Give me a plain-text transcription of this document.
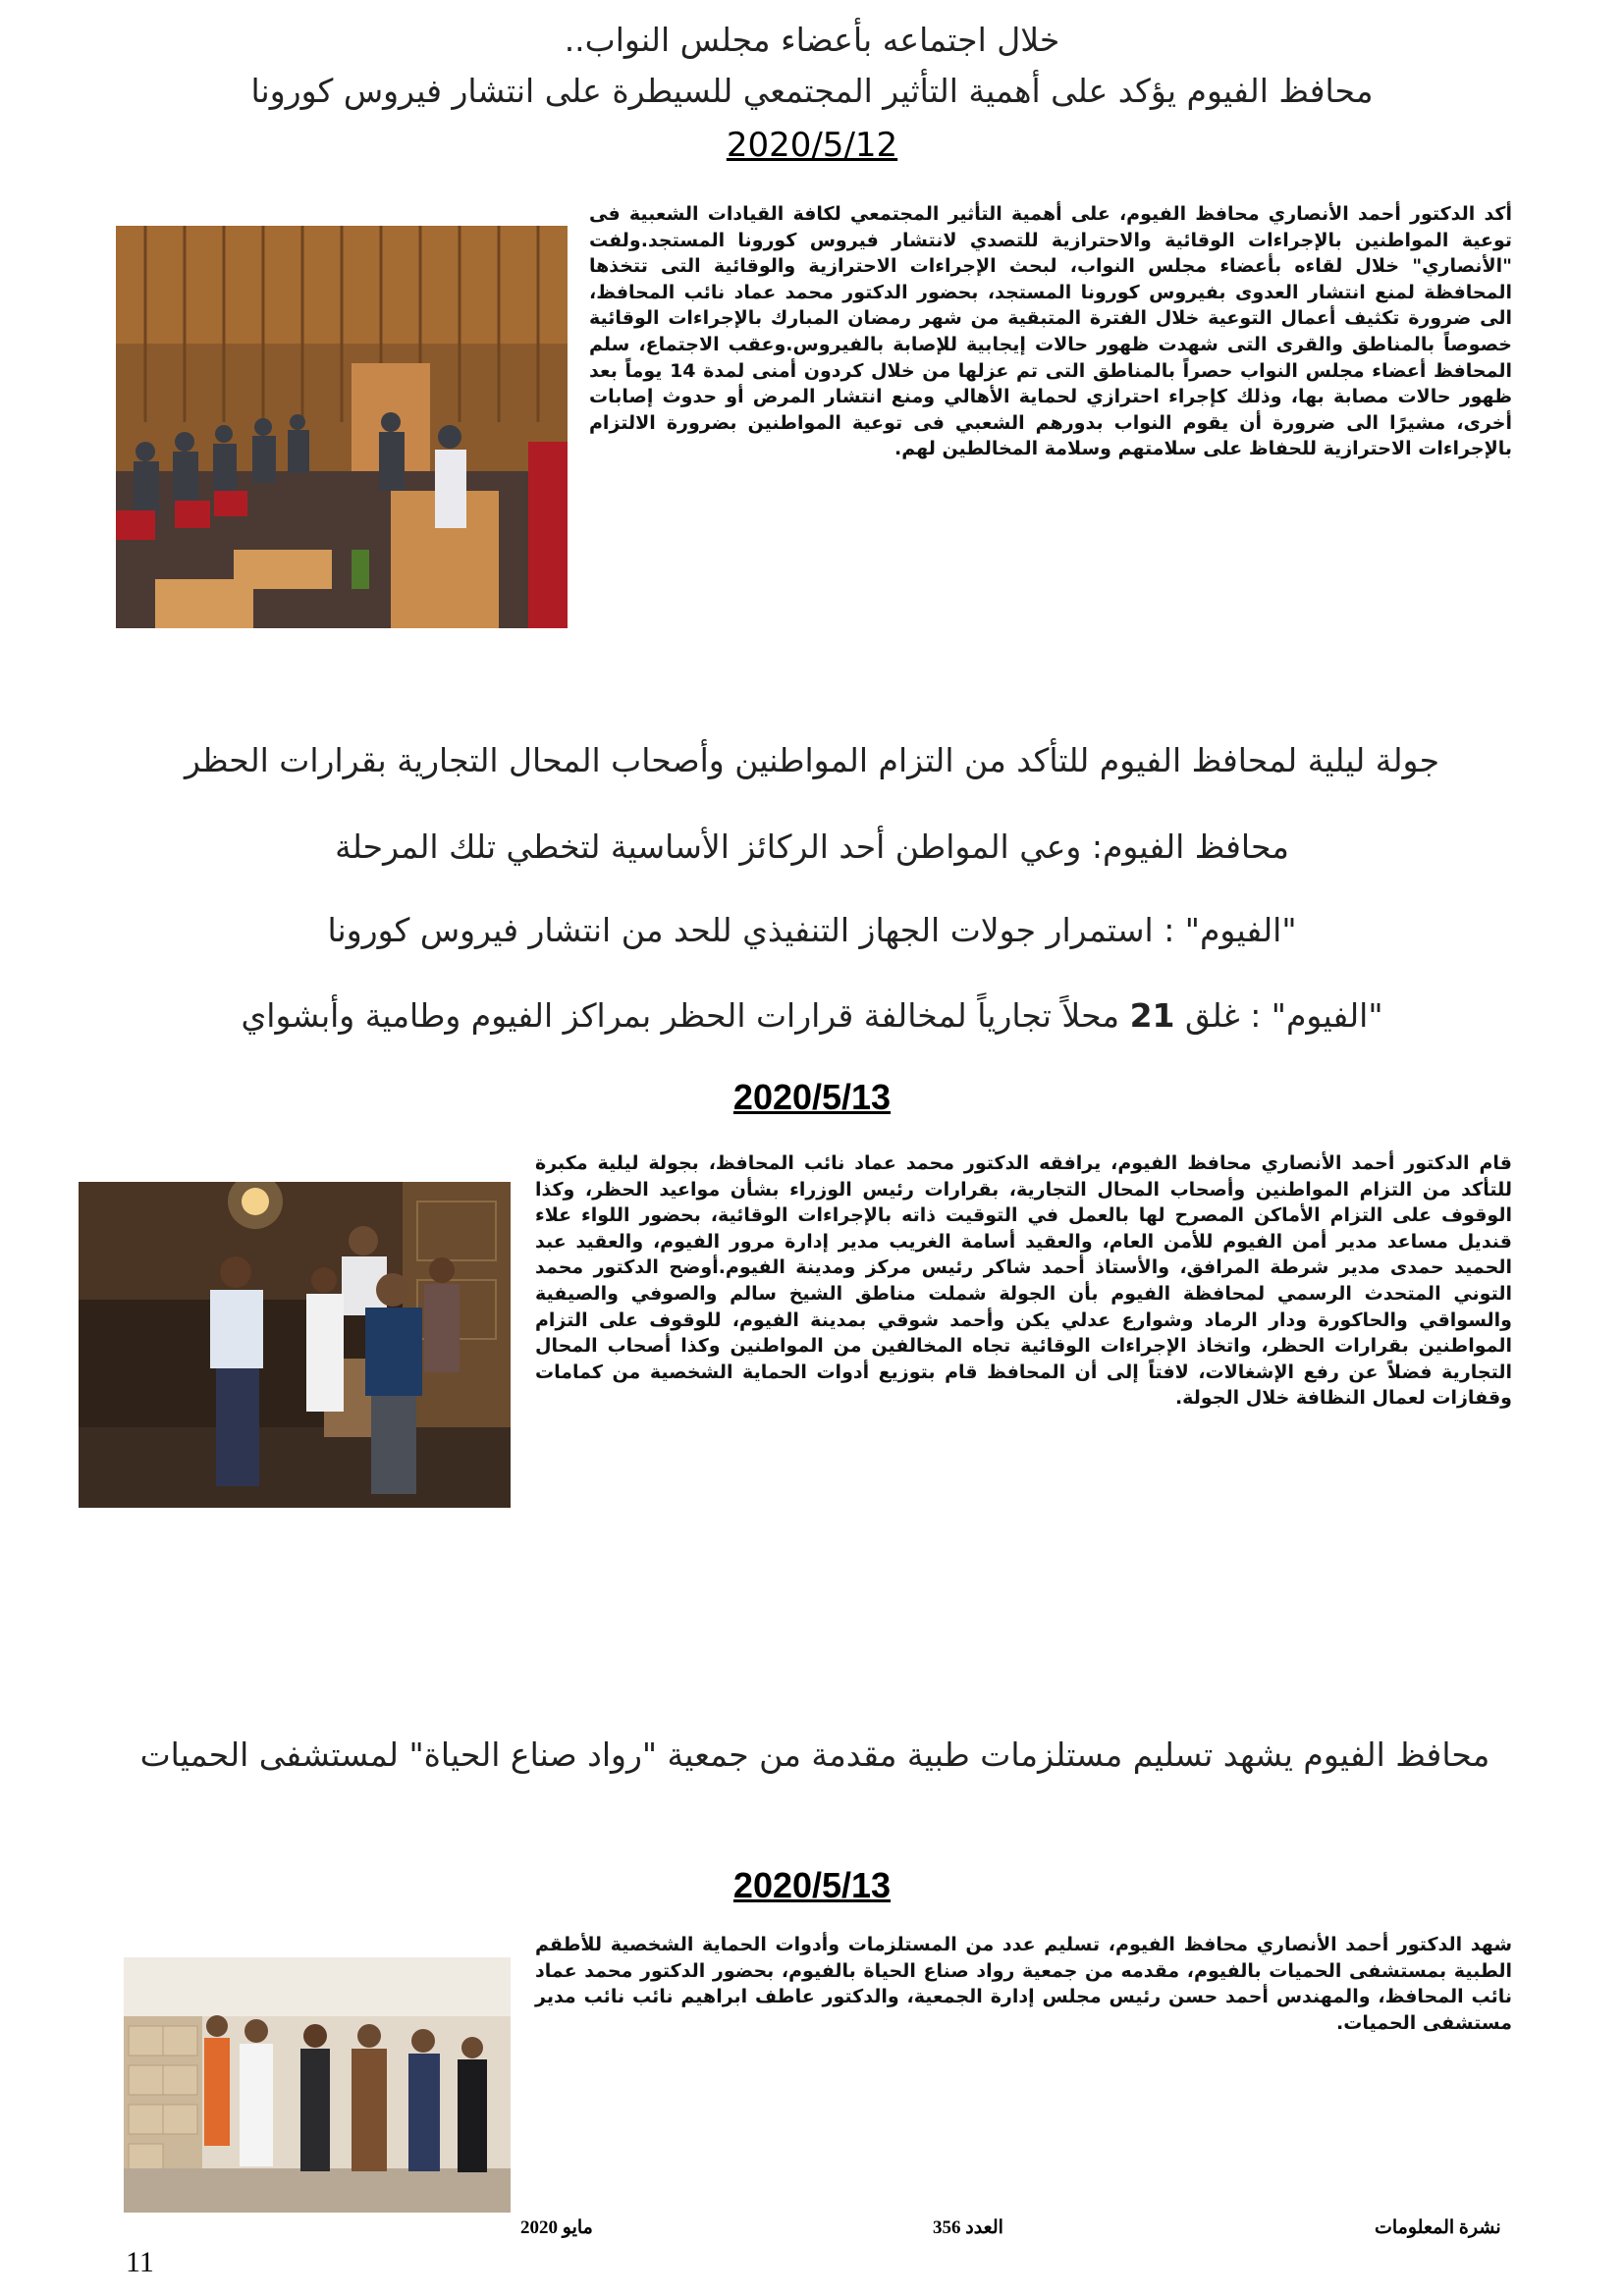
خلال اجتماعه بأعضاء مجلس النواب..
محافظ الفيوم يؤكد على أهمية التأثير المجتمعي للسيطرة على انتشار فيروس كورونا
2020/5/12
أكد الدكتور أحمد الأنصاري محافظ الفيوم، على أهمية التأثير المجتمعي لكافة القيادات الشعبية فى توعية المواطنين بالإجراءات الوقائية والاحترازية للتصدي لانتشار فيروس كورونا المستجد.ولفت "الأنصاري" خلال لقاءه بأعضاء مجلس النواب، لبحث الإجراءات الاحترازية والوقائية التى تتخذها المحافظة لمنع انتشار العدوى بفيروس كورونا المستجد، بحضور الدكتور محمد عماد نائب المحافظ، الى ضرورة تكثيف أعمال التوعية خلال الفترة المتبقية من شهر رمضان المبارك بالإجراءات الوقائية خصوصاً بالمناطق والقرى التى شهدت ظهور حالات إيجابية للإصابة بالفيروس.وعقب الاجتماع، سلم المحافظ أعضاء مجلس النواب حصراً بالمناطق التى تم عزلها من خلال كردون أمنى لمدة 14 يوماً بعد ظهور حالات مصابة بها، وذلك كإجراء احترازي لحماية الأهالي ومنع انتشار المرض أو حدوث إصابات أخرى، مشيرًا الى ضرورة أن يقوم النواب بدورهم الشعبي فى توعية المواطنين بضرورة الالتزام بالإجراءات الاحترازية للحفاظ على سلامتهم وسلامة المخالطين لهم.
جولة ليلية لمحافظ الفيوم للتأكد من التزام المواطنين وأصحاب المحال التجارية بقرارات الحظر
محافظ الفيوم: وعي المواطن أحد الركائز الأساسية لتخطي تلك المرحلة
"الفيوم" : استمرار جولات الجهاز التنفيذي للحد من انتشار فيروس كورونا
"الفيوم" : غلق 21 محلاً تجارياً لمخالفة قرارات الحظر بمراكز الفيوم وطامية وأبشواي
2020/5/13
قام الدكتور أحمد الأنصاري محافظ الفيوم، يرافقه الدكتور محمد عماد نائب المحافظ، بجولة ليلية مكبرة للتأكد من التزام المواطنين وأصحاب المحال التجارية، بقرارات رئيس الوزراء بشأن مواعيد الحظر، وكذا الوقوف على التزام الأماكن المصرح لها بالعمل في التوقيت ذاته بالإجراءات الوقائية، بحضور اللواء علاء قنديل مساعد مدير أمن الفيوم للأمن العام، والعقيد أسامة الغريب مدير إدارة مرور الفيوم، والعقيد عبد الحميد حمدى مدير شرطة المرافق، والأستاذ أحمد شاكر رئيس مركز ومدينة الفيوم.أوضح الدكتور محمد التوني المتحدث الرسمي لمحافظة الفيوم بأن الجولة شملت مناطق الشيخ سالم والصوفي والصيفية والسواقي والحاكورة ودار الرماد وشوارع عدلي يكن وأحمد شوقي بمدينة الفيوم، للوقوف على التزام المواطنين بقرارات الحظر، واتخاذ الإجراءات الوقائية تجاه المخالفين من المواطنين وكذا أصحاب المحال التجارية فضلاً عن رفع الإشغالات، لافتاً إلى أن المحافظ قام بتوزيع أدوات الحماية الشخصية من كمامات وقفازات لعمال النظافة خلال الجولة.
محافظ الفيوم يشهد تسليم مستلزمات طبية مقدمة من جمعية "رواد صناع الحياة" لمستشفى الحميات
2020/5/13
شهد الدكتور أحمد الأنصاري محافظ الفيوم، تسليم عدد من المستلزمات وأدوات الحماية الشخصية للأطقم الطبية بمستشفى الحميات بالفيوم، مقدمه من جمعية رواد صناع الحياة بالفيوم، بحضور الدكتور محمد عماد نائب المحافظ، والمهندس أحمد حسن رئيس مجلس إدارة الجمعية، والدكتور عاطف ابراهيم نائب نائب مدير مستشفى الحميات.
نشرة المعلومات
العدد 356
مايو 2020
11
